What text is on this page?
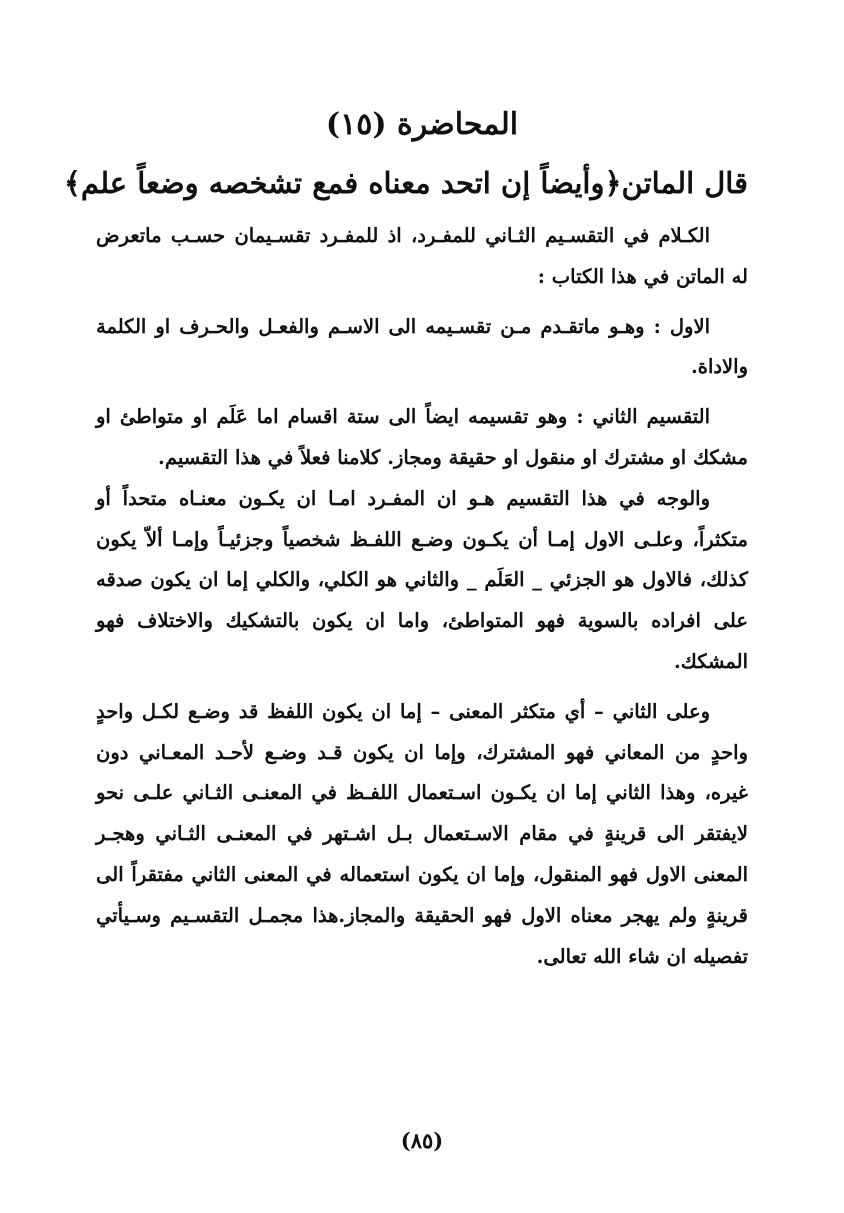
المحاضرة (١٥)
قال الماتن﴿وأيضاً إن اتحد معناه فمع تشخصه وضعاً علم﴾

الكـلام في التقسـيم الثـاني للمفـرد، اذ للمفـرد تقسـيمان حسـب ماتعرض له الماتن في هذا الكتاب :

الاول : وهـو ماتقـدم مـن تقسـيمه الى الاسـم والفعـل والحـرف او الكلمة والاداة.

التقسيم الثاني : وهو تقسيمه ايضاً الى ستة اقسام اما عَلَم او متواطئ او مشكك او مشترك او منقول او حقيقة ومجاز. كلامنا فعلاً في هذا التقسيم.

والوجه في هذا التقسيم هـو ان المفـرد امـا ان يكـون معنـاه متحداً أو متكثراً، وعلـى الاول إمـا أن يكـون وضـع اللفـظ شخصياً وجزئيـاً وإمـا ألاّ يكون كذلك، فالاول هو الجزئي _ العَلَم _ والثاني هو الكلي، والكلي إما ان يكون صدقه على افراده بالسوية فهو المتواطئ، واما ان يكون بالتشكيك والاختلاف فهو المشكك.

وعلى الثاني – أي متكثر المعنى – إما ان يكون اللفظ قد وضـع لكـل واحدٍ واحدٍ من المعاني فهو المشترك، وإما ان يكون قـد وضـع لأحـد المعـاني دون غيره، وهذا الثاني إما ان يكـون اسـتعمال اللفـظ في المعنـى الثـاني علـى نحو لايفتقر الى قرينةٍ في مقام الاسـتعمال بـل اشـتهر في المعنـى الثـاني وهجـر المعنى الاول فهو المنقول، وإما ان يكون استعماله في المعنى الثاني مفتقراً الى قرينةٍ ولم يهجر معناه الاول فهو الحقيقة والمجاز.هذا مجمـل التقسـيم وسـيأتي تفصيله ان شاء الله تعالى.

(٨٥)
